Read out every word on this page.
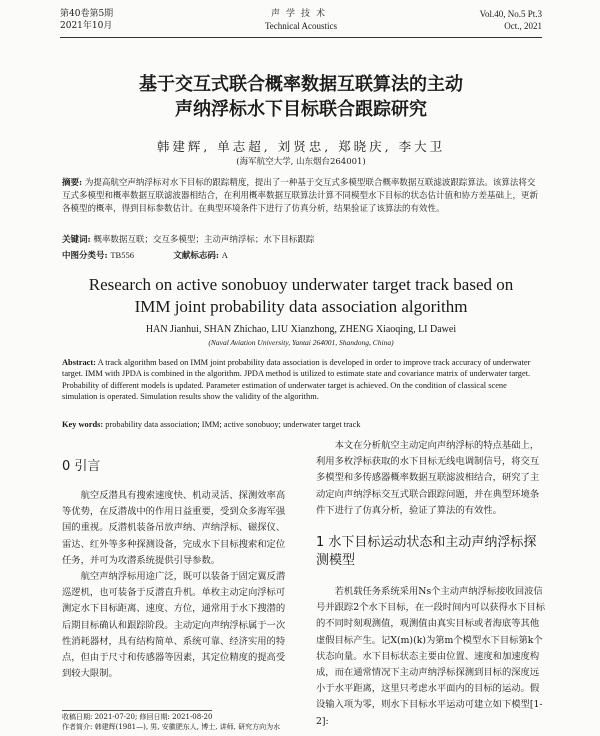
第40卷第5期
2021年10月
声学技术
Technical Acoustics
Vol.40, No.5 Pt.3
Oct., 2021
基于交互式联合概率数据互联算法的主动
声纳浮标水下目标联合跟踪研究
韩建辉, 单志超, 刘贤忠, 郑晓庆, 李大卫
(海军航空大学, 山东烟台264001)
摘要: 为提高航空声纳浮标对水下目标的跟踪精度，提出了一种基于交互式多模型联合概率数据互联滤波跟踪算法。该算法将交互式多模型和概率数据互联滤波器相结合，在利用概率数据互联算法计算不同模型水下目标的状态估计值和协方差基础上，更新各模型的概率，得到目标参数估计。在典型环境条件下进行了仿真分析，结果验证了该算法的有效性。
关键词: 概率数据互联；交互多模型；主动声纳浮标；水下目标跟踪
中图分类号: TB556	文献标志码: A
Research on active sonobuoy underwater target track based on
IMM joint probability data association algorithm
HAN Jianhui, SHAN Zhichao, LIU Xianzhong, ZHENG Xiaoqing, LI Dawei
(Naval Aviation University, Yantai 264001, Shandong, China)
Abstract: A track algorithm based on IMM joint probability data association is developed in order to improve track accuracy of underwater target. IMM with JPDA is combined in the algorithm. JPDA method is utilized to estimate state and covariance matrix of underwater target. Probability of different models is updated. Parameter estimation of underwater target is achieved. On the condition of classical scene simulation is operated. Simulation results show the validity of the algorithm.
Key words: probability data association; IMM; active sonobuoy; underwater target track
0 引言
航空反潜具有搜索速度快、机动灵活、探测效率高等优势，在反潜战中的作用日益重要，受到众多海军强国的重视。反潜机装备吊放声纳、声纳浮标、磁探仪、雷达、红外等多种探测设备，完成水下目标搜索和定位任务，并可为攻潜系统提供引导参数。
航空声纳浮标用途广泛，既可以装备于固定翼反潜巡逻机，也可装备于反潜直升机。单枚主动定向浮标可测定水下目标距离、速度、方位，通常用于水下搜潜的后期目标确认和跟踪阶段。主动定向声纳浮标属于一次性消耗器材，具有结构简单、系统可靠、经济实用的特点，但由于尺寸和传感器等因素，其定位精度的提高受到较大限制。
本文在分析航空主动定向声纳浮标的特点基础上，利用多枚浮标获取的水下目标无线电调制信号，将交互多模型和多传感器概率数据互联滤波相结合，研究了主动定向声纳浮标交互式联合跟踪问题，并在典型环境条件下进行了仿真分析，验证了算法的有效性。
1 水下目标运动状态和主动声纳浮标探测模型
若机载任务系统采用Ns个主动声纳浮标接收回波信号并跟踪2个水下目标，在一段时间内可以获得水下目标的不同时刻观测值，观测值由真实目标或者海底等其他虚假目标产生。记X(m)(k)为第m个模型水下目标第k个状态向量。水下目标状态主要由位置、速度和加速度构成，而在通常情况下主动声纳浮标探测到目标的深度远小于水平距离，这里只考虑水平面内的目标的运动。假设输入项为零，则水下目标水平运动可建立如下模型[1-2]:
收稿日期: 2021-07-20; 修回日期: 2021-08-20
作者简介: 韩建辉(1981—), 男, 安徽肥东人, 博士, 讲师, 研究方向为水
